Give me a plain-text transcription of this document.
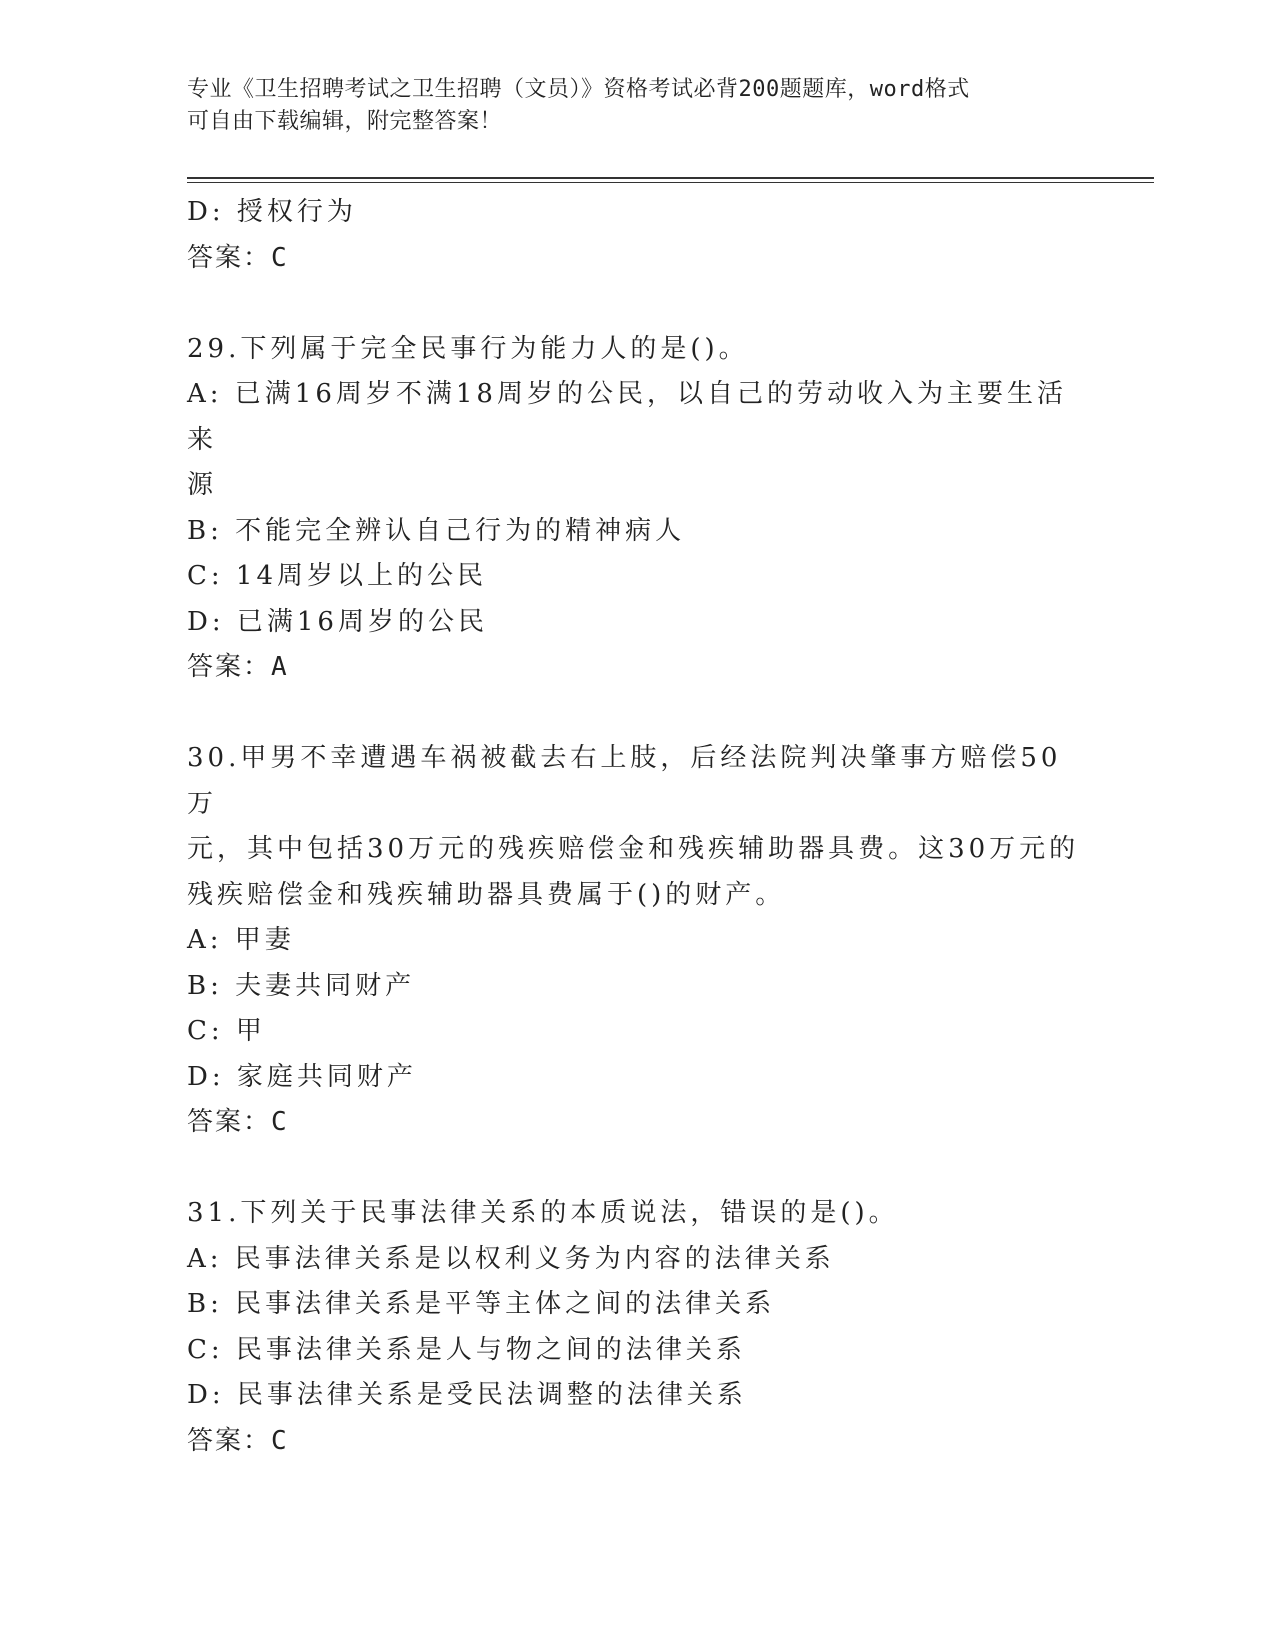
专业《卫生招聘考试之卫生招聘（文员）》资格考试必背200题题库，word格式
可自由下载编辑，附完整答案！
D: 授权行为
答案：C
29.下列属于完全民事行为能力人的是()。
A: 已满16周岁不满18周岁的公民，以自己的劳动收入为主要生活来
源
B: 不能完全辨认自己行为的精神病人
C: 14周岁以上的公民
D: 已满16周岁的公民
答案：A
30.甲男不幸遭遇车祸被截去右上肢，后经法院判决肇事方赔偿50万
元，其中包括30万元的残疾赔偿金和残疾辅助器具费。这30万元的
残疾赔偿金和残疾辅助器具费属于()的财产。
A: 甲妻
B: 夫妻共同财产
C: 甲
D: 家庭共同财产
答案：C
31.下列关于民事法律关系的本质说法，错误的是()。
A: 民事法律关系是以权利义务为内容的法律关系
B: 民事法律关系是平等主体之间的法律关系
C: 民事法律关系是人与物之间的法律关系
D: 民事法律关系是受民法调整的法律关系
答案：C
